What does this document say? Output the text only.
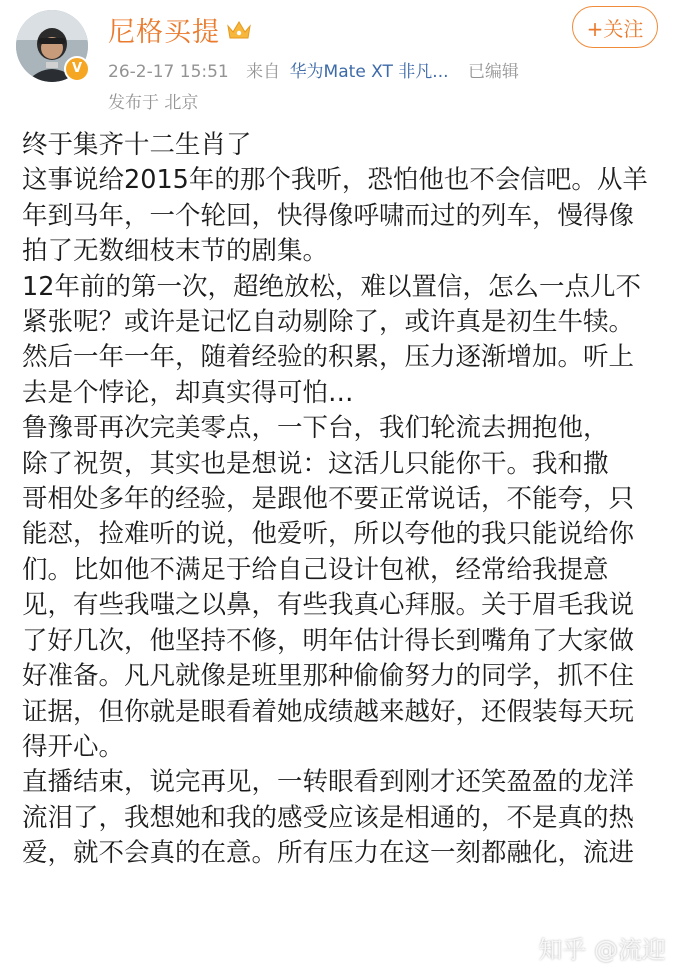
V
尼格买提
26-2-17 15:51 来自 华为Mate XT 非凡... 已编辑
发布于 北京
+关注

终于集齐十二生肖了

这事说给2015年的那个我听，恐怕他也不会信吧。从羊

年到马年，一个轮回，快得像呼啸而过的列车，慢得像

拍了无数细枝末节的剧集。

12年前的第一次，超绝放松，难以置信，怎么一点儿不

紧张呢？或许是记忆自动剔除了，或许真是初生牛犊。

然后一年一年，随着经验的积累，压力逐渐增加。听上

去是个悖论，却真实得可怕…

鲁豫哥再次完美零点，一下台，我们轮流去拥抱他，

除了祝贺，其实也是想说：这活儿只能你干。我和撒

哥相处多年的经验，是跟他不要正常说话，不能夸，只

能怼，捡难听的说，他爱听，所以夸他的我只能说给你

们。比如他不满足于给自己设计包袱，经常给我提意

见，有些我嗤之以鼻，有些我真心拜服。关于眉毛我说

了好几次，他坚持不修，明年估计得长到嘴角了大家做

好准备。凡凡就像是班里那种偷偷努力的同学，抓不住

证据，但你就是眼看着她成绩越来越好，还假装每天玩

得开心。

直播结束，说完再见，一转眼看到刚才还笑盈盈的龙洋

流泪了，我想她和我的感受应该是相通的，不是真的热

爱，就不会真的在意。所有压力在这一刻都融化，流进

知乎 @流迎
